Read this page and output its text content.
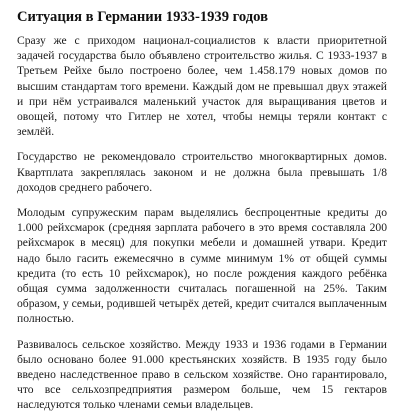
Ситуация в Германии 1933-1939 годов

Сразу же с приходом национал-социалистов к власти приоритетной задачей государства было объявлено строительство жилья. С 1933-1937 в Третьем Рейхе было построено более, чем 1.458.179 новых домов по высшим стандартам того времени. Каждый дом не превышал двух этажей и при нём устраивался маленький участок для выращивания цветов и овощей, потому что Гитлер не хотел, чтобы немцы теряли контакт с землёй.

Государство не рекомендовало строительство многоквартирных домов. Квартплата закреплялась законом и не должна была превышать 1/8 доходов среднего рабочего.

Молодым супружеским парам выделялись беспроцентные кредиты до 1.000 рейхсмарок (средняя зарплата рабочего в это время составляла 200 рейхсмарок в месяц) для покупки мебели и домашней утвари. Кредит надо было гасить ежемесячно в сумме минимум 1% от общей суммы кредита (то есть 10 рейхсмарок), но после рождения каждого ребёнка общая сумма задолженности считалась погашенной на 25%. Таким образом, у семьи, родившей четырёх детей, кредит считался выплаченным полностью.

Развивалось сельское хозяйство. Между 1933 и 1936 годами в Германии было основано более 91.000 крестьянских хозяйств. В 1935 году было введено наследственное право в сельском хозяйстве. Оно гарантировало, что все сельхозпредприятия размером больше, чем 15 гектаров наследуются только членами семьи владельцев.
